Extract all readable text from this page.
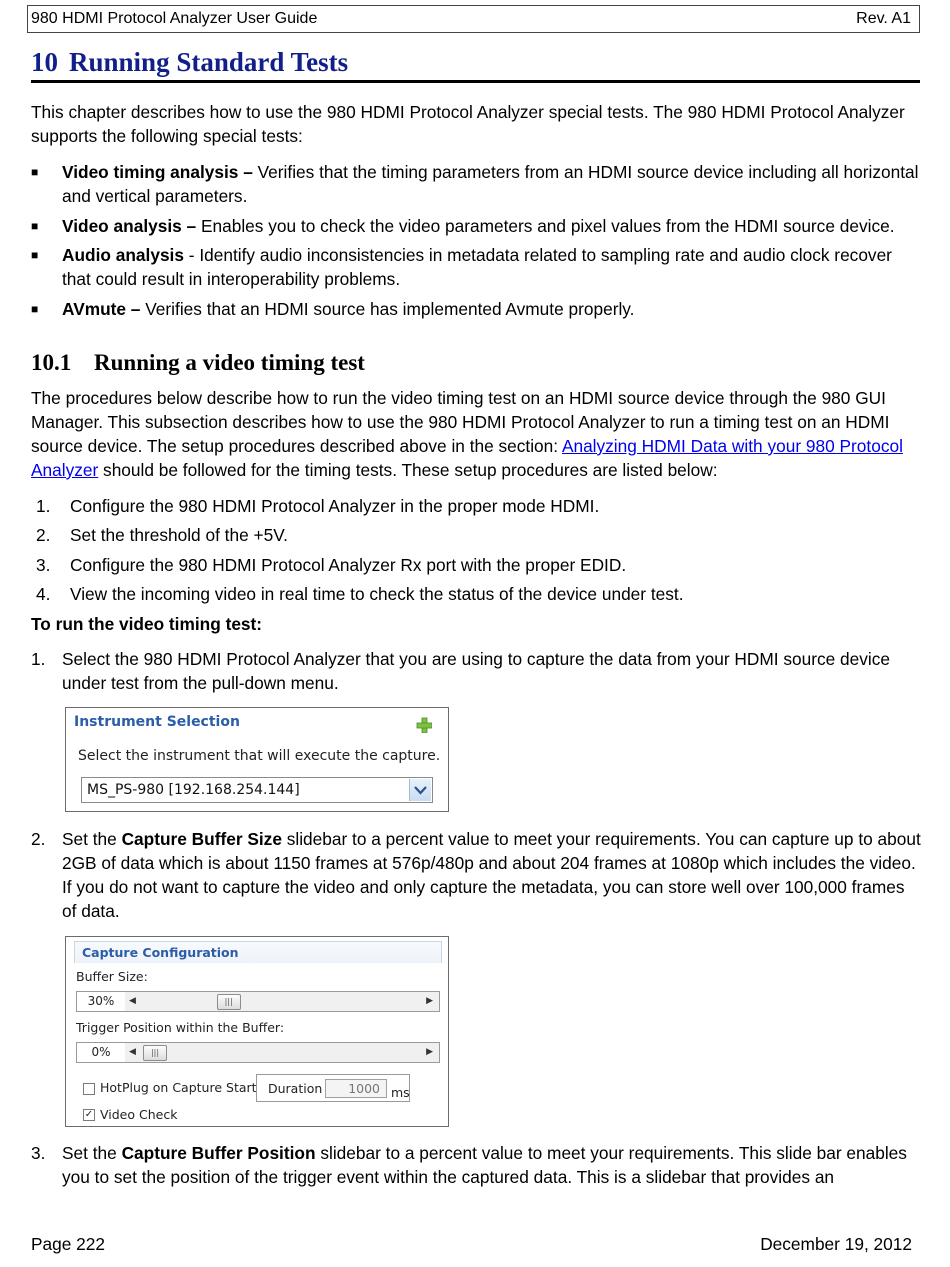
980 HDMI Protocol Analyzer User Guide	Rev. A1
10 Running Standard Tests
This chapter describes how to use the 980 HDMI Protocol Analyzer special tests. The 980 HDMI Protocol Analyzer supports the following special tests:
■ Video timing analysis – Verifies that the timing parameters from an HDMI source device including all horizontal and vertical parameters.
■ Video analysis – Enables you to check the video parameters and pixel values from the HDMI source device.
■ Audio analysis - Identify audio inconsistencies in metadata related to sampling rate and audio clock recover that could result in interoperability problems.
■ AVmute – Verifies that an HDMI source has implemented Avmute properly.
10.1 Running a video timing test
The procedures below describe how to run the video timing test on an HDMI source device through the 980 GUI Manager. This subsection describes how to use the 980 HDMI Protocol Analyzer to run a timing test on an HDMI source device. The setup procedures described above in the section: Analyzing HDMI Data with your 980 Protocol Analyzer should be followed for the timing tests. These setup procedures are listed below:
1. Configure the 980 HDMI Protocol Analyzer in the proper mode HDMI.
2. Set the threshold of the +5V.
3. Configure the 980 HDMI Protocol Analyzer Rx port with the proper EDID.
4. View the incoming video in real time to check the status of the device under test.
To run the video timing test:
1. Select the 980 HDMI Protocol Analyzer that you are using to capture the data from your HDMI source device under test from the pull-down menu.
Instrument Selection
Select the instrument that will execute the capture.
MS_PS-980 [192.168.254.144]
2. Set the Capture Buffer Size slidebar to a percent value to meet your requirements. You can capture up to about 2GB of data which is about 1150 frames at 576p/480p and about 204 frames at 1080p which includes the video. If you do not want to capture the video and only capture the metadata, you can store well over 100,000 frames of data.
Capture Configuration
Buffer Size:
30%	◀	|||	▶
Trigger Position within the Buffer:
0%	◀	|||	▶
HotPlug on Capture Start Duration	1000 ms
✓ Video Check
3. Set the Capture Buffer Position slidebar to a percent value to meet your requirements. This slide bar enables you to set the position of the trigger event within the captured data. This is a slidebar that provides an
Page 222	December 19, 2012
